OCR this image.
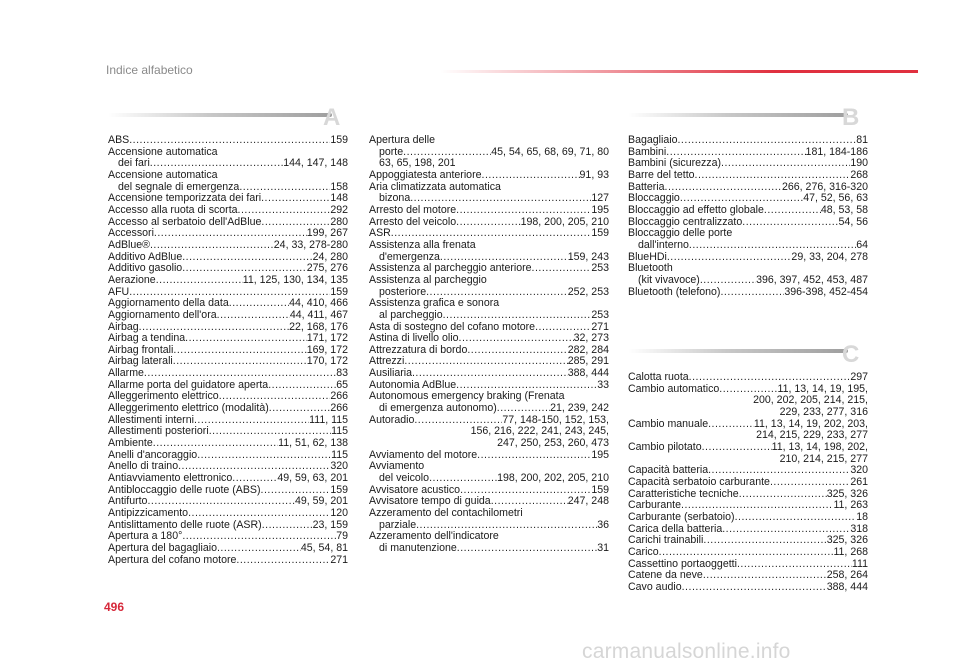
Indice alfabetico
A	B
C
ABS .....	159
Accensione automatica
dei fari .....	144, 147, 148
Accensione automatica
del segnale di emergenza .....	158
Accensione temporizzata dei fari .....	148
Accesso alla ruota di scorta .....	292
Accesso al serbatoio dell'AdBlue .....	280
Accessori .....	199, 267
AdBlue® .....	24, 33, 278-280
Additivo AdBlue .....	24, 280
Additivo gasolio .....	275, 276
Aerazione .....	11, 125, 130, 134, 135
AFU .....	159
Aggiornamento della data .....	44, 410, 466
Aggiornamento dell'ora .....	44, 411, 467
Airbag .....	22, 168, 176
Airbag a tendina .....	171, 172
Airbag frontali .....	169, 172
Airbag laterali .....	170, 172
Allarme .....	83
Allarme porta del guidatore aperta .....	65
Alleggerimento elettrico .....	266
Alleggerimento elettrico (modalità) .....	266
Allestimenti interni .....	111, 115
Allestimenti posteriori .....	115
Ambiente .....	11, 51, 62, 138
Anelli d'ancoraggio .....	115
Anello di traino .....	320
Antiavviamento elettronico .....	49, 59, 63, 201
Antibloccaggio delle ruote (ABS) .....	159
Antifurto .....	49, 59, 201
Antipizzicamento .....	120
Antislittamento delle ruote (ASR) .....	23, 159
Apertura a 180° .....	79
Apertura del bagagliaio .....	45, 54, 81
Apertura del cofano motore .....	271
Apertura delle
porte .....	45, 54, 65, 68, 69, 71, 80
63, 65, 198, 201
Appoggiatesta anteriore .....	91, 93
Aria climatizzata automatica
bizona .....	127
Arresto del motore .....	195
Arresto del veicolo .....	198, 200, 205, 210
ASR .....	159
Assistenza alla frenata
d'emergenza .....	159, 243
Assistenza al parcheggio anteriore .....	253
Assistenza al parcheggio
posteriore .....	252, 253
Assistenza grafica e sonora
al parcheggio .....	253
Asta di sostegno del cofano motore .....	271
Astina di livello olio .....	32, 273
Attrezzatura di bordo .....	282, 284
Attrezzi .....	285, 291
Ausiliaria .....	388, 444
Autonomia AdBlue .....	33
Autonomous emergency braking (Frenata
di emergenza autonomo) .....	21, 239, 242
Autoradio .....	77, 148-150, 152, 153,
156, 216, 222, 241, 243, 245,
247, 250, 253, 260, 473
Avviamento del motore .....	195
Avviamento
del veicolo .....	198, 200, 202, 205, 210
Avvisatore acustico .....	159
Avvisatore tempo di guida .....	247, 248
Azzeramento del contachilometri
parziale .....	36
Azzeramento dell'indicatore
di manutenzione .....	31
Bagagliaio .....	81
Bambini .....	181, 184-186
Bambini (sicurezza) .....	190
Barre del tetto .....	268
Batteria .....	266, 276, 316-320
Bloccaggio .....	47, 52, 56, 63
Bloccaggio ad effetto globale .....	48, 53, 58
Bloccaggio centralizzato .....	54, 56
Bloccaggio delle porte
dall'interno .....	64
BlueHDi .....	29, 33, 204, 278
Bluetooth
(kit vivavoce) .....	396, 397, 452, 453, 487
Bluetooth (telefono) .....	396-398, 452-454
Calotta ruota .....	297
Cambio automatico .....	11, 13, 14, 19, 195,
200, 202, 205, 214, 215,
229, 233, 277, 316
Cambio manuale .....	11, 13, 14, 19, 202, 203,
214, 215, 229, 233, 277
Cambio pilotato .....	11, 13, 14, 198, 202,
210, 214, 215, 277
Capacità batteria .....	320
Capacità serbatoio carburante .....	261
Caratteristiche tecniche .....	325, 326
Carburante .....	11, 263
Carburante (serbatoio) .....	18
Carica della batteria .....	318
Carichi trainabili .....	325, 326
Carico .....	11, 268
Cassettino portaoggetti .....	111
Catene da neve .....	258, 264
Cavo audio .....	388, 444
496
carmanualsonline.info
